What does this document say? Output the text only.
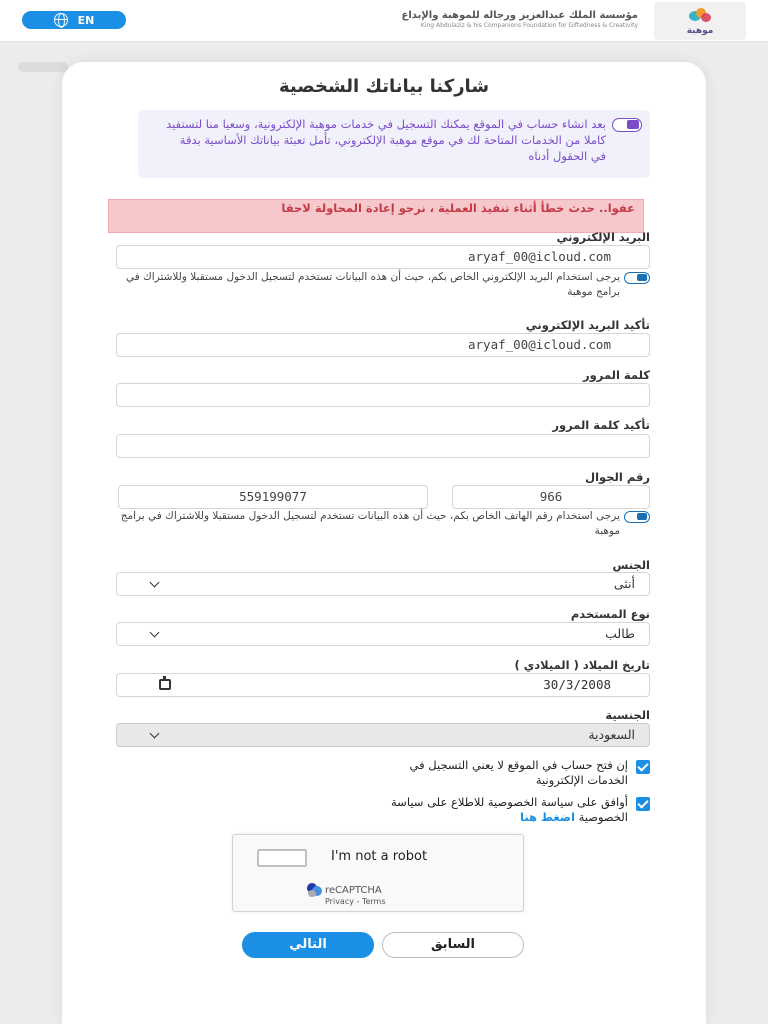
EN	مؤسسة الملك عبدالعزيز ورجاله للموهبة والإبداع
King Abdulaziz & his Companions Foundation for Giftedness & Creativity	موهبة
شاركنا بياناتك الشخصية
بعد انشاء حساب في الموقع يمكنك التسجيل في خدمات موهبة الإلكترونية، وسعيا منا لتستفيد كاملا من الخدمات المتاحة لك في موقع موهبة الإلكتروني، تأمل تعبئة بياناتك الأساسية بدقة في الحقول أدناه
عفوا.. حدث خطأ أثناء تنفيذ العملية ، نرجو إعادة المحاولة لاحقا
البريد الإلكتروني
aryaf_00@icloud.com
يرجى استخدام البريد الإلكتروني الخاص بكم، حيث أن هذه البيانات تستخدم لتسجيل الدخول مستقبلا وللاشتراك في برامج موهبة
تأكيد البريد الإلكتروني
aryaf_00@icloud.com
كلمة المرور
تأكيد كلمة المرور
رقم الجوال
559199077	966
يرجى استخدام رقم الهاتف الخاص بكم، حيث أن هذه البيانات تستخدم لتسجيل الدخول مستقبلا وللاشتراك في برامج موهبة
الجنس
أنثى
نوع المستخدم
طالب
تاريخ الميلاد ( الميلادي )
30/3/2008
الجنسية
السعودية
إن فتح حساب في الموقع لا يعني التسجيل في الخدمات الإلكترونية
أوافق على سياسة الخصوصية للاطلاع على سياسة الخصوصية اضغط هنا
I'm not a robot
reCAPTCHA
Privacy - Terms
التالي	السابق
